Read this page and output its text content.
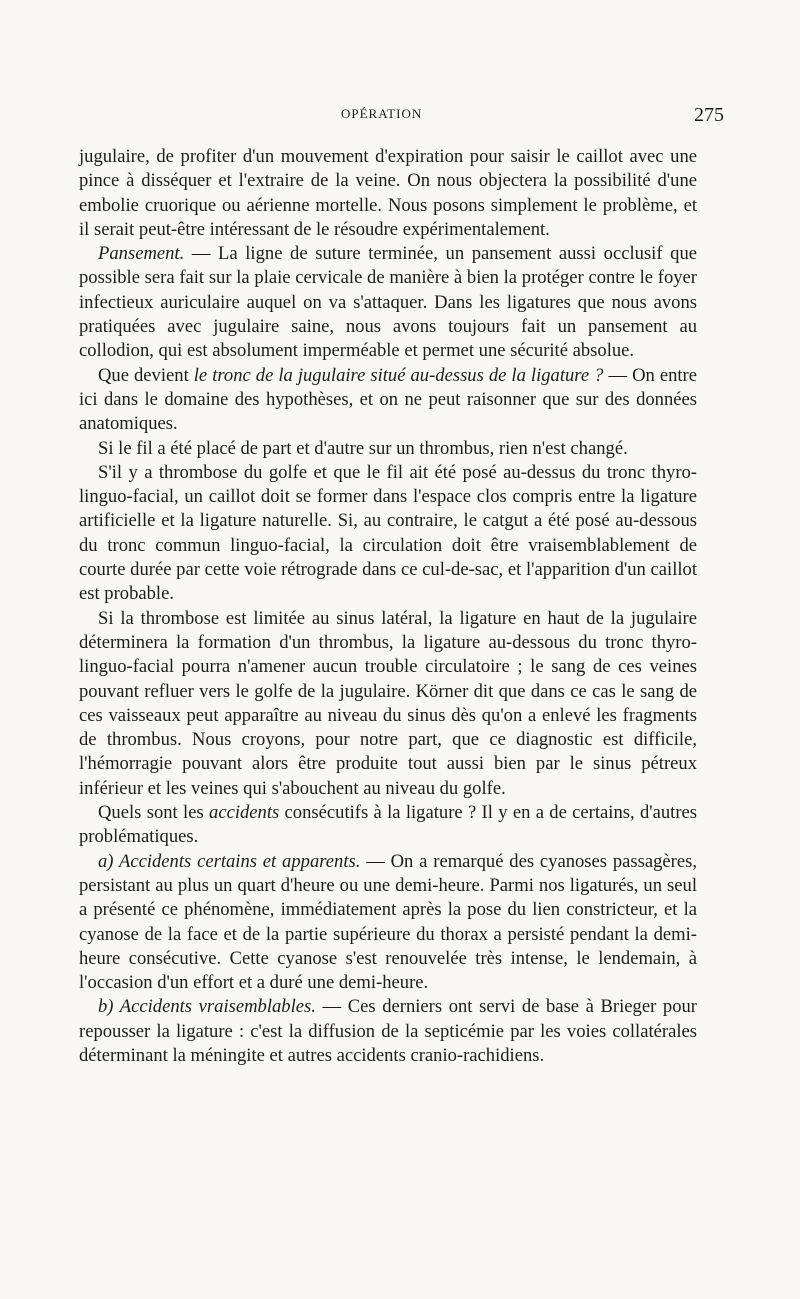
OPÉRATION	275

jugulaire, de profiter d'un mouvement d'expiration pour saisir le caillot avec une pince à disséquer et l'extraire de la veine. On nous objectera la possibilité d'une embolie cruorique ou aérienne mortelle. Nous posons simplement le problème, et il serait peut-être intéressant de le résoudre expérimentalement.

Pansement. — La ligne de suture terminée, un pansement aussi occlusif que possible sera fait sur la plaie cervicale de manière à bien la protéger contre le foyer infectieux auriculaire auquel on va s'attaquer. Dans les ligatures que nous avons pratiquées avec jugulaire saine, nous avons toujours fait un pansement au collodion, qui est absolument imperméable et permet une sécurité absolue.

Que devient le tronc de la jugulaire situé au-dessus de la ligature ? — On entre ici dans le domaine des hypothèses, et on ne peut raisonner que sur des données anatomiques.

Si le fil a été placé de part et d'autre sur un thrombus, rien n'est changé.

S'il y a thrombose du golfe et que le fil ait été posé au-dessus du tronc thyro-linguo-facial, un caillot doit se former dans l'espace clos compris entre la ligature artificielle et la ligature naturelle. Si, au contraire, le catgut a été posé au-dessous du tronc commun linguo-facial, la circulation doit être vraisemblablement de courte durée par cette voie rétrograde dans ce cul-de-sac, et l'apparition d'un caillot est probable.

Si la thrombose est limitée au sinus latéral, la ligature en haut de la jugulaire déterminera la formation d'un thrombus, la ligature au-dessous du tronc thyro-linguo-facial pourra n'amener aucun trouble circulatoire ; le sang de ces veines pouvant refluer vers le golfe de la jugulaire. Körner dit que dans ce cas le sang de ces vaisseaux peut apparaître au niveau du sinus dès qu'on a enlevé les fragments de thrombus. Nous croyons, pour notre part, que ce diagnostic est difficile, l'hémorragie pouvant alors être produite tout aussi bien par le sinus pétreux inférieur et les veines qui s'abouchent au niveau du golfe.

Quels sont les accidents consécutifs à la ligature ? Il y en a de certains, d'autres problématiques.

a) Accidents certains et apparents. — On a remarqué des cyanoses passagères, persistant au plus un quart d'heure ou une demi-heure. Parmi nos ligaturés, un seul a présenté ce phénomène, immédiatement après la pose du lien constricteur, et la cyanose de la face et de la partie supérieure du thorax a persisté pendant la demi-heure consécutive. Cette cyanose s'est renouvelée très intense, le lendemain, à l'occasion d'un effort et a duré une demi-heure.

b) Accidents vraisemblables. — Ces derniers ont servi de base à Brieger pour repousser la ligature : c'est la diffusion de la septicémie par les voies collatérales déterminant la méningite et autres accidents cranio-rachidiens.
